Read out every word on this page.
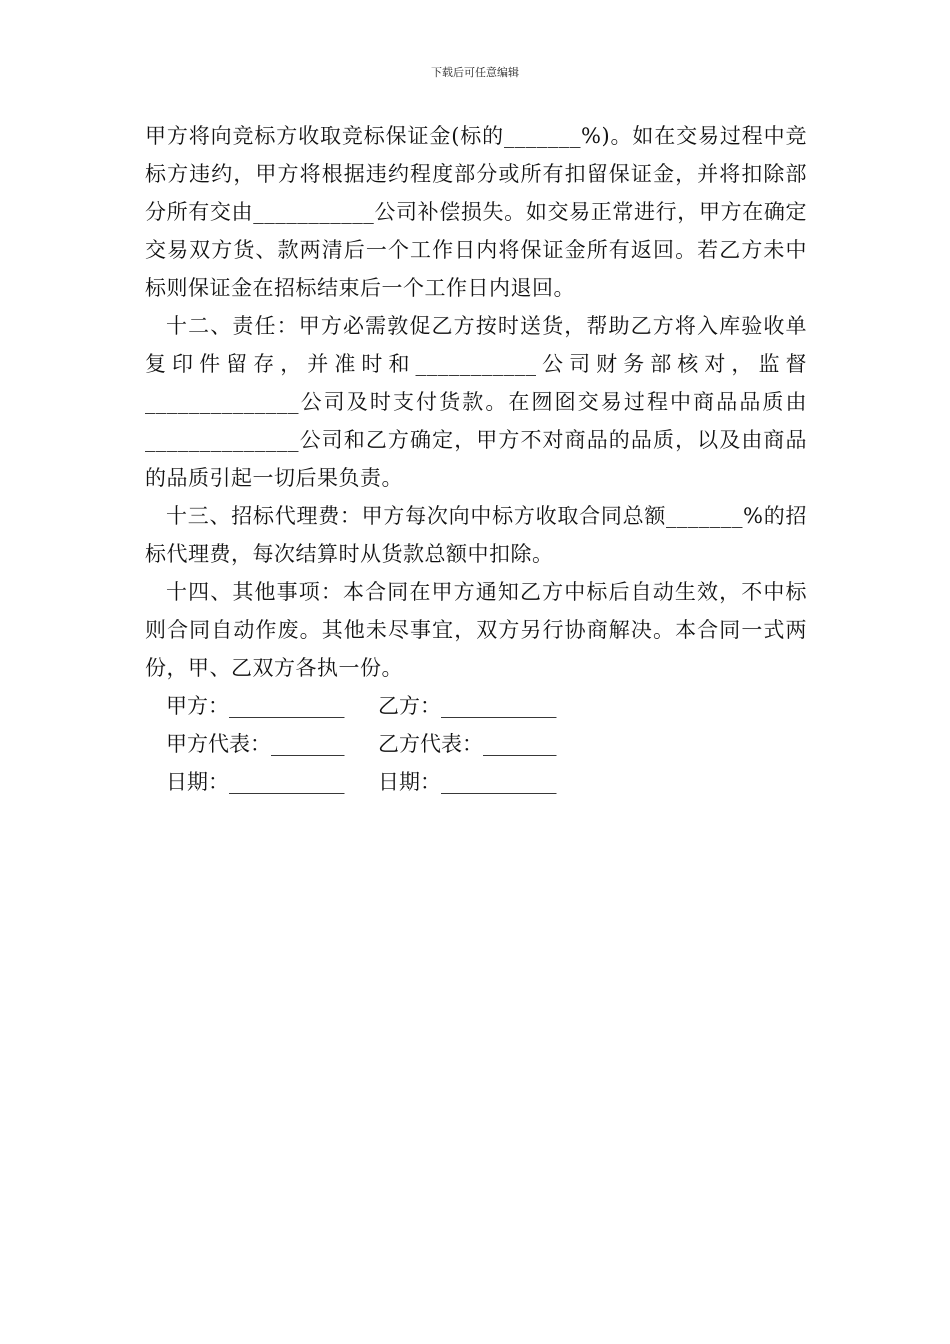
下载后可任意编辑

甲方将向竞标方收取竞标保证金(标的_______%)。如在交易过程中竞标方违约，甲方将根据违约程度部分或所有扣留保证金，并将扣除部分所有交由___________公司补偿损失。如交易正常进行，甲方在确定交易双方货、款两清后一个工作日内将保证金所有返回。若乙方未中标则保证金在招标结束后一个工作日内退回。

十二、责任：甲方必需敦促乙方按时送货，帮助乙方将入库验收单复印件留存，并准时和___________公司财务部核对，监督______________公司及时支付货款。在囫囵交易过程中商品品质由______________公司和乙方确定，甲方不对商品的品质，以及由商品的品质引起一切后果负责。

十三、招标代理费：甲方每次向中标方收取合同总额_______%的招标代理费，每次结算时从货款总额中扣除。

十四、其他事项：本合同在甲方通知乙方中标后自动生效，不中标则合同自动作废。其他未尽事宜，双方另行协商解决。本合同一式两份，甲、乙双方各执一份。

甲方：___________	乙方：___________
甲方代表：_______	乙方代表：_______
日期：___________	日期：___________
